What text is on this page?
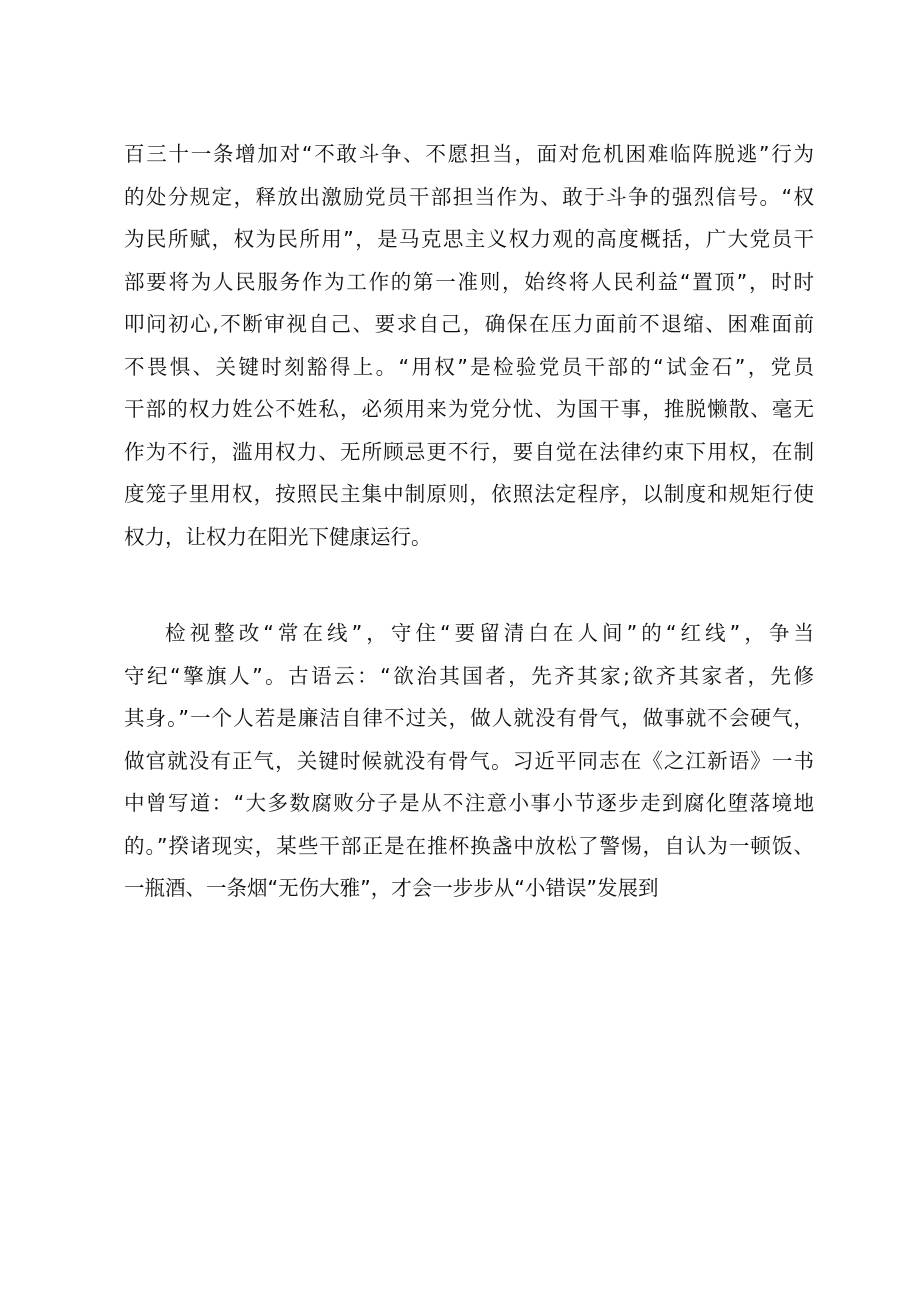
百三十一条增加对“不敢斗争、不愿担当，面对危机困难临阵脱逃”行为
的处分规定，释放出激励党员干部担当作为、敢于斗争的强烈信号。“权
为民所赋，权为民所用”，是马克思主义权力观的高度概括，广大党员干
部要将为人民服务作为工作的第一准则，始终将人民利益“置顶”，时时
叩问初心,不断审视自己、要求自己，确保在压力面前不退缩、困难面前
不畏惧、关键时刻豁得上。“用权”是检验党员干部的“试金石”，党员
干部的权力姓公不姓私，必须用来为党分忧、为国干事，推脱懒散、毫无
作为不行，滥用权力、无所顾忌更不行，要自觉在法律约束下用权，在制
度笼子里用权，按照民主集中制原则，依照法定程序，以制度和规矩行使
权力，让权力在阳光下健康运行。
检视整改“常在线”，守住“要留清白在人间”的“红线”，争当
守纪“擎旗人”。古语云：“欲治其国者，先齐其家;欲齐其家者，先修
其身。”一个人若是廉洁自律不过关，做人就没有骨气，做事就不会硬气，
做官就没有正气，关键时候就没有骨气。习近平同志在《之江新语》一书
中曾写道：“大多数腐败分子是从不注意小事小节逐步走到腐化堕落境地
的。”揆诸现实，某些干部正是在推杯换盏中放松了警惕，自认为一顿饭、
一瓶酒、一条烟“无伤大雅”，才会一步步从“小错误”发展到
